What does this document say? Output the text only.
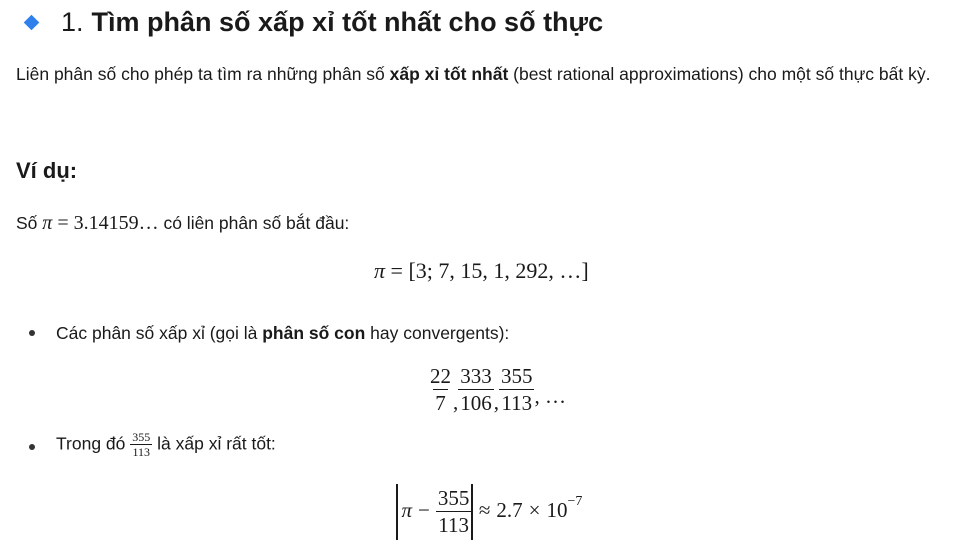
1. Tìm phân số xấp xỉ tốt nhất cho số thực
Liên phân số cho phép ta tìm ra những phân số xấp xỉ tốt nhất (best rational approximations) cho một số thực bất kỳ.
Ví dụ:
Số π = 3.14159… có liên phân số bắt đầu:
π = [3; 7, 15, 1, 292, …]
Các phân số xấp xỉ (gọi là phân số con hay convergents):
$\frac{22}{7}$ , $\frac{333}{106}$ , $\frac{355}{113}$ , …
Trong đó $\frac{355}{113}$ là xấp xỉ rất tốt:
$\pi - \frac{355}{113} \approx 2.7 \times 10^{-7}$
